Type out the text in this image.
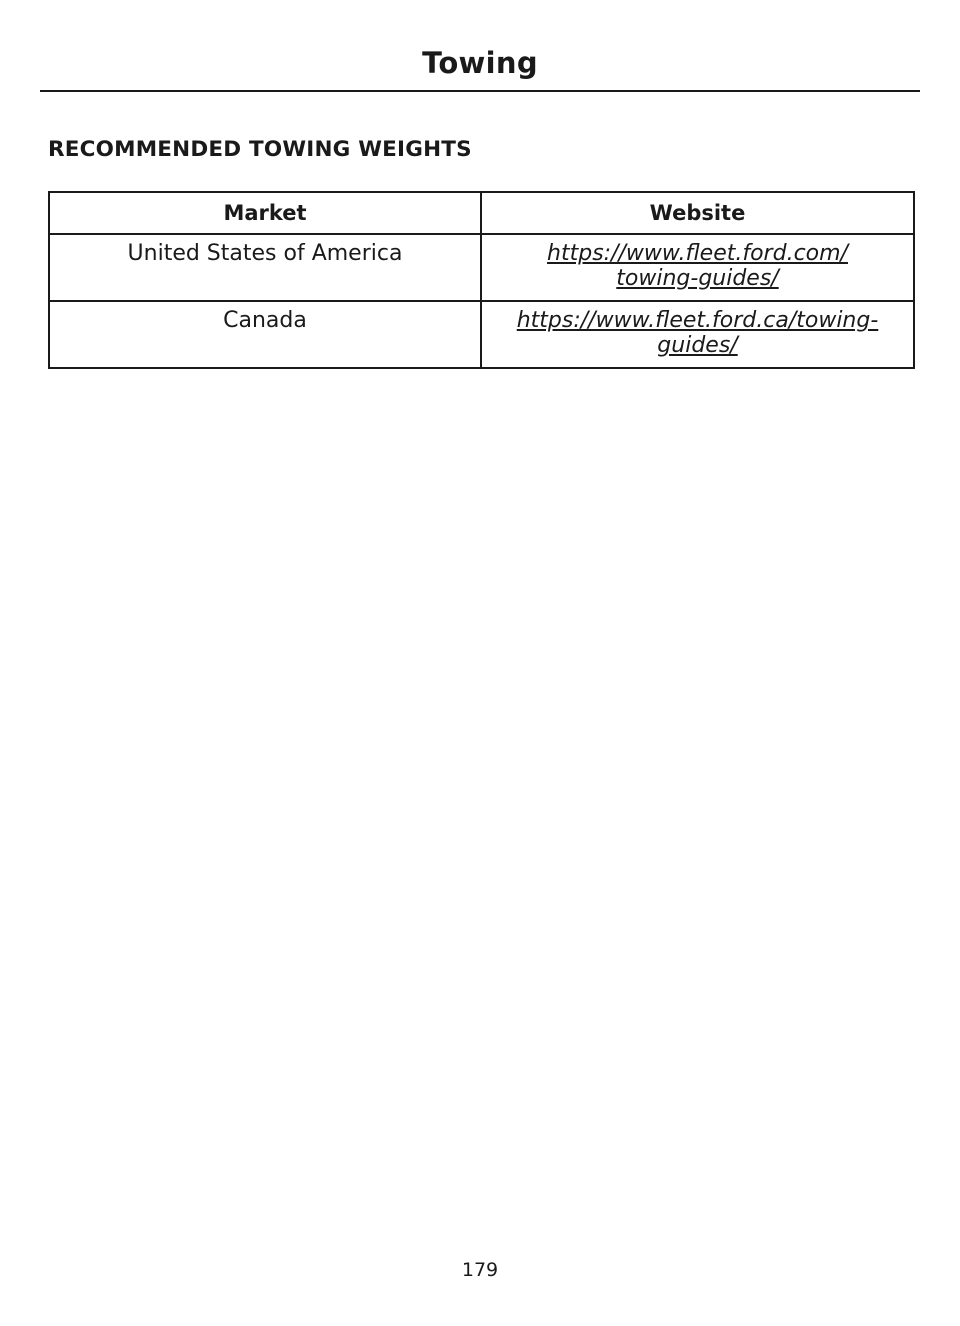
Towing
RECOMMENDED TOWING WEIGHTS
Market	Website
United States of America	https://www.fleet.ford.com/
towing-guides/

Canada	https://www.fleet.ford.ca/towing-
guides/
179
